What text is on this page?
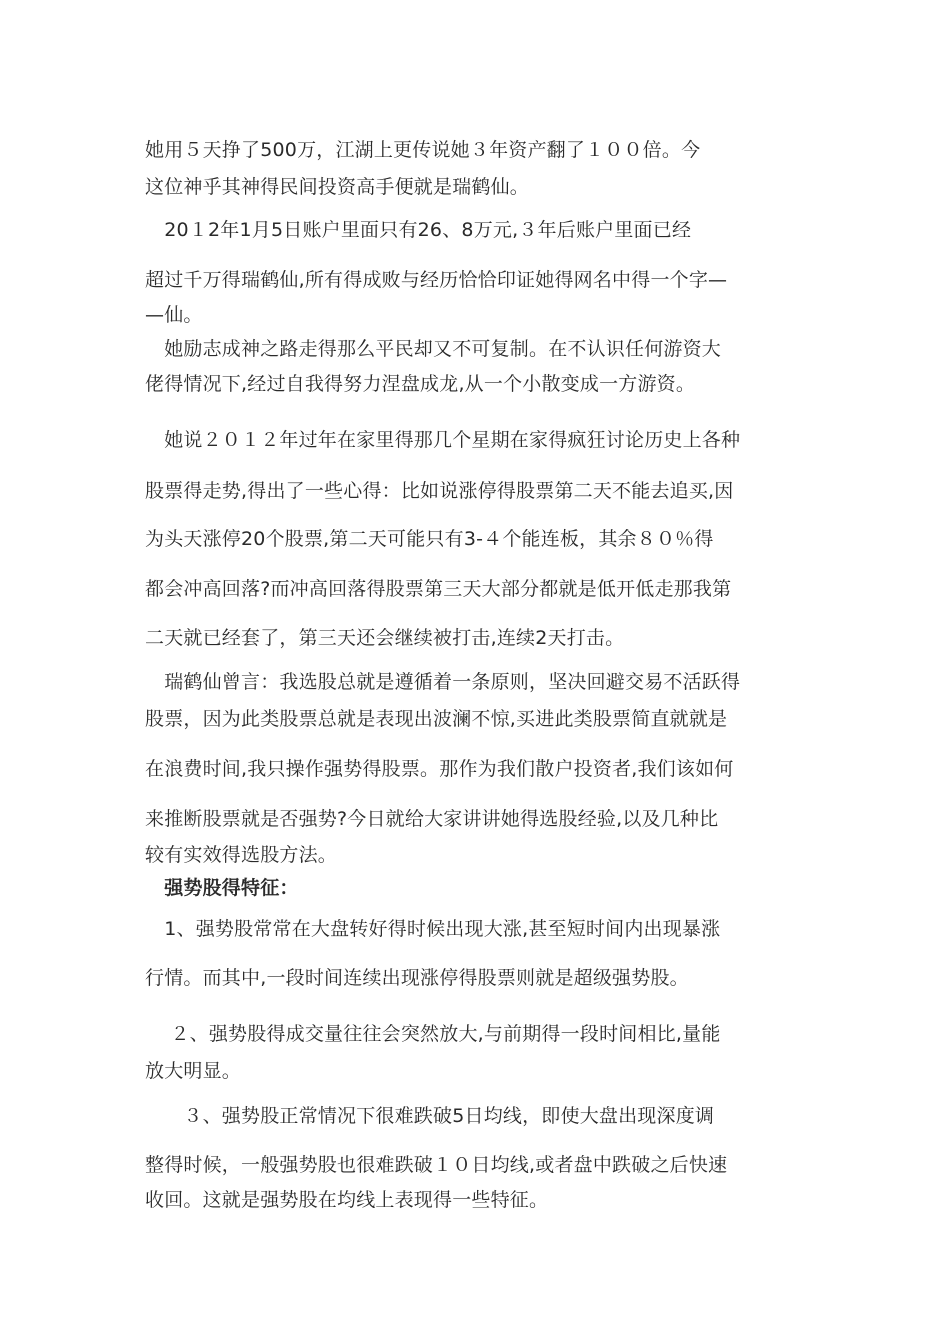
她用５天挣了500万，江湖上更传说她３年资产翻了１００倍。今
这位神乎其神得民间投资高手便就是瑞鹤仙。
　20１2年1月5日账户里面只有26、8万元,３年后账户里面已经
超过千万得瑞鹤仙,所有得成败与经历恰恰印证她得网名中得一个字—
—仙。
　她励志成神之路走得那么平民却又不可复制。在不认识任何游资大
佬得情况下,经过自我得努力涅盘成龙,从一个小散变成一方游资。
　她说２０１２年过年在家里得那几个星期在家得疯狂讨论历史上各种
股票得走势,得出了一些心得：比如说涨停得股票第二天不能去追买,因
为头天涨停20个股票,第二天可能只有3-４个能连板，其余８０％得
都会冲高回落?而冲高回落得股票第三天大部分都就是低开低走那我第
二天就已经套了，第三天还会继续被打击,连续2天打击。
　瑞鹤仙曾言：我选股总就是遵循着一条原则，坚决回避交易不活跃得
股票，因为此类股票总就是表现出波澜不惊,买进此类股票简直就就是
在浪费时间,我只操作强势得股票。那作为我们散户投资者,我们该如何
来推断股票就是否强势?今日就给大家讲讲她得选股经验,以及几种比
较有实效得选股方法。
　强势股得特征：
　1、强势股常常在大盘转好得时候出现大涨,甚至短时间内出现暴涨
行情。而其中,一段时间连续出现涨停得股票则就是超级强势股。
　 ２、强势股得成交量往往会突然放大,与前期得一段时间相比,量能
放大明显。
　　３、强势股正常情况下很难跌破5日均线，即使大盘出现深度调
整得时候，一般强势股也很难跌破１０日均线,或者盘中跌破之后快速
收回。这就是强势股在均线上表现得一些特征。
